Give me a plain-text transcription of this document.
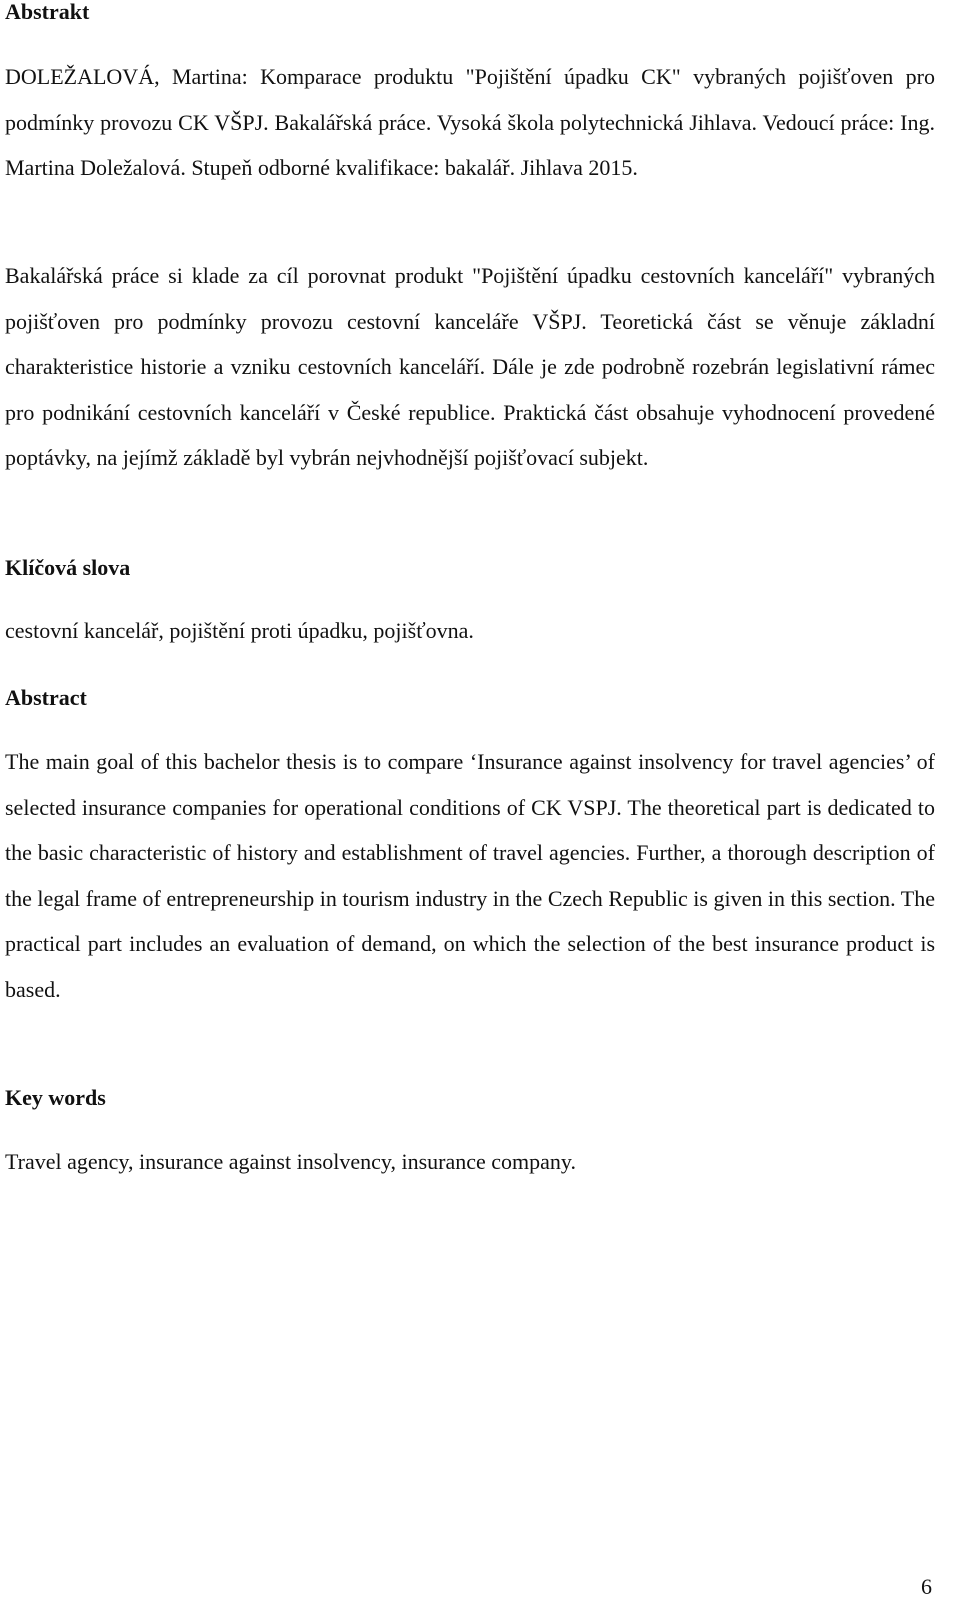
Abstrakt

DOLEŽALOVÁ, Martina: Komparace produktu "Pojištění úpadku CK" vybraných pojišťoven pro podmínky provozu CK VŠPJ. Bakalářská práce. Vysoká škola polytechnická Jihlava. Vedoucí práce: Ing. Martina Doležalová. Stupeň odborné kvalifikace: bakalář. Jihlava 2015.

Bakalářská práce si klade za cíl porovnat produkt "Pojištění úpadku cestovních kanceláří" vybraných pojišťoven pro podmínky provozu cestovní kanceláře VŠPJ. Teoretická část se věnuje základní charakteristice historie a vzniku cestovních kanceláří. Dále je zde podrobně rozebrán legislativní rámec pro podnikání cestovních kanceláří v České republice. Praktická část obsahuje vyhodnocení provedené poptávky, na jejímž základě byl vybrán nejvhodnější pojišťovací subjekt.

Klíčová slova

cestovní kancelář, pojištění proti úpadku, pojišťovna.

Abstract

The main goal of this bachelor thesis is to compare ‘Insurance against insolvency for travel agencies’ of selected insurance companies for operational conditions of CK VSPJ. The theoretical part is dedicated to the basic characteristic of history and establishment of travel agencies. Further, a thorough description of the legal frame of entrepreneurship in tourism industry in the Czech Republic is given in this section. The practical part includes an evaluation of demand, on which the selection of the best insurance product is based.

Key words

Travel agency, insurance against insolvency, insurance company.

6
